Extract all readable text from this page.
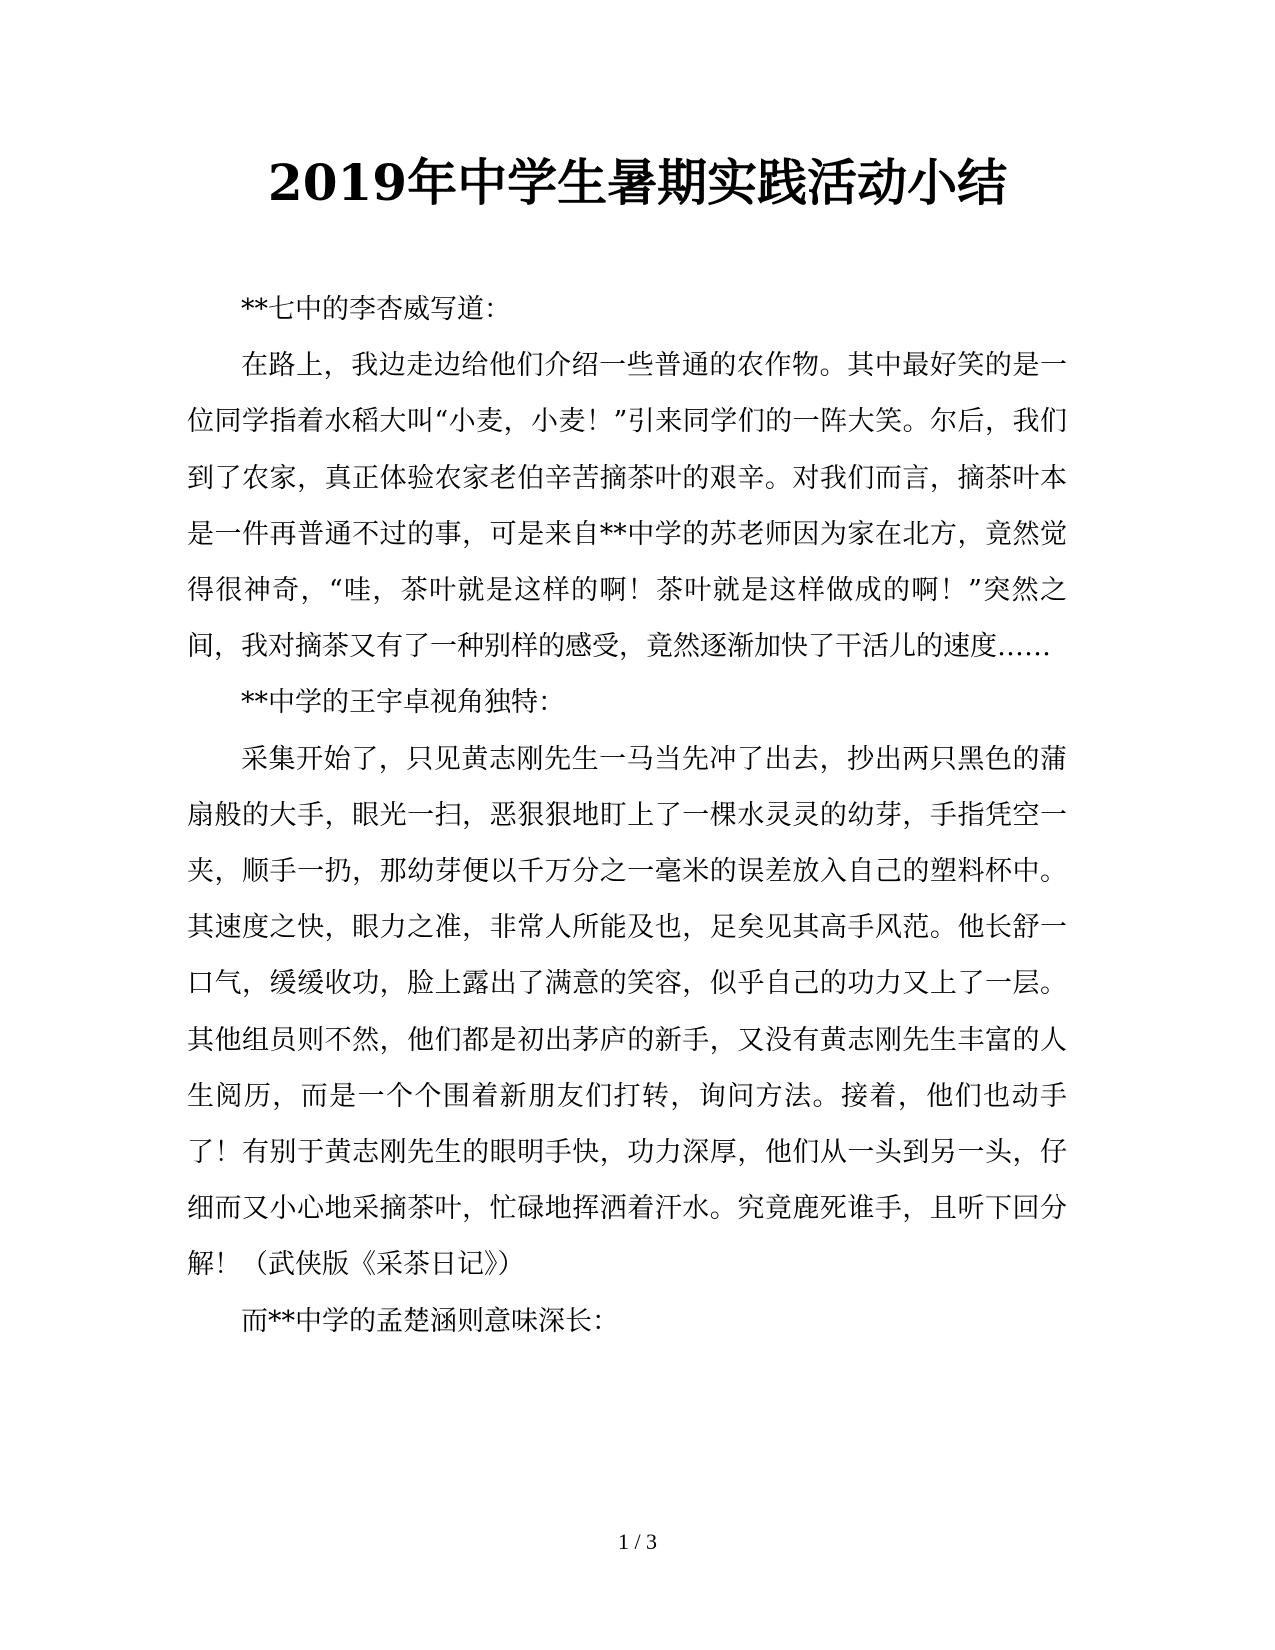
2019年中学生暑期实践活动小结

**七中的李杏威写道：

在路上，我边走边给他们介绍一些普通的农作物。其中最好笑的是一位同学指着水稻大叫“小麦，小麦！”引来同学们的一阵大笑。尔后，我们到了农家，真正体验农家老伯辛苦摘茶叶的艰辛。对我们而言，摘茶叶本是一件再普通不过的事，可是来自**中学的苏老师因为家在北方，竟然觉得很神奇，“哇，茶叶就是这样的啊！茶叶就是这样做成的啊！”突然之间，我对摘茶又有了一种别样的感受，竟然逐渐加快了干活儿的速度……

**中学的王宇卓视角独特：

采集开始了，只见黄志刚先生一马当先冲了出去，抄出两只黑色的蒲扇般的大手，眼光一扫，恶狠狠地盯上了一棵水灵灵的幼芽，手指凭空一夹，顺手一扔，那幼芽便以千万分之一毫米的误差放入自己的塑料杯中。其速度之快，眼力之准，非常人所能及也，足矣见其高手风范。他长舒一口气，缓缓收功，脸上露出了满意的笑容，似乎自己的功力又上了一层。其他组员则不然，他们都是初出茅庐的新手，又没有黄志刚先生丰富的人生阅历，而是一个个围着新朋友们打转，询问方法。接着，他们也动手了！有别于黄志刚先生的眼明手快，功力深厚，他们从一头到另一头，仔细而又小心地采摘茶叶，忙碌地挥洒着汗水。究竟鹿死谁手，且听下回分解！（武侠版《采茶日记》）

而**中学的孟楚涵则意味深长：

1 / 3
